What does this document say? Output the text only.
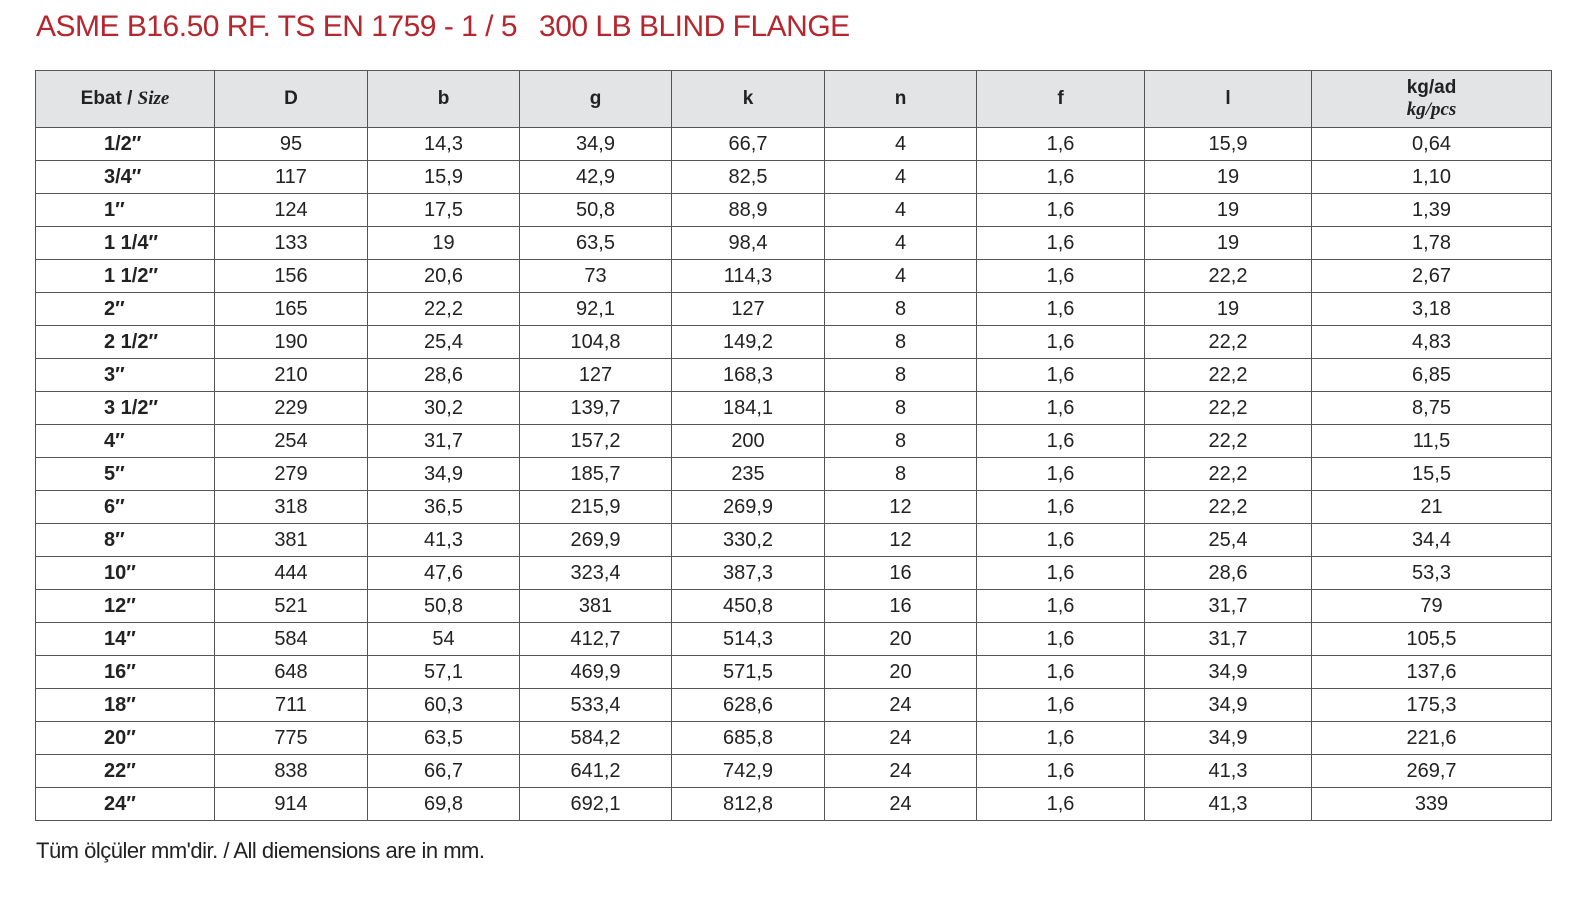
ASME B16.50 RF. TS EN 1759 - 1 / 5 300 LB BLIND FLANGE
Ebat / Size	D	b	g	k	n	f	l	kg/ad
kg/pcs

1/2″	95	14,3	34,9	66,7	4	1,6	15,9	0,64
3/4″	117	15,9	42,9	82,5	4	1,6	19	1,10
1″	124	17,5	50,8	88,9	4	1,6	19	1,39
1 1/4″	133	19	63,5	98,4	4	1,6	19	1,78
1 1/2″	156	20,6	73	114,3	4	1,6	22,2	2,67
2″	165	22,2	92,1	127	8	1,6	19	3,18
2 1/2″	190	25,4	104,8	149,2	8	1,6	22,2	4,83
3″	210	28,6	127	168,3	8	1,6	22,2	6,85
3 1/2″	229	30,2	139,7	184,1	8	1,6	22,2	8,75
4″	254	31,7	157,2	200	8	1,6	22,2	11,5
5″	279	34,9	185,7	235	8	1,6	22,2	15,5
6″	318	36,5	215,9	269,9	12	1,6	22,2	21
8″	381	41,3	269,9	330,2	12	1,6	25,4	34,4
10″	444	47,6	323,4	387,3	16	1,6	28,6	53,3
12″	521	50,8	381	450,8	16	1,6	31,7	79
14″	584	54	412,7	514,3	20	1,6	31,7	105,5
16″	648	57,1	469,9	571,5	20	1,6	34,9	137,6
18″	711	60,3	533,4	628,6	24	1,6	34,9	175,3
20″	775	63,5	584,2	685,8	24	1,6	34,9	221,6
22″	838	66,7	641,2	742,9	24	1,6	41,3	269,7
24″	914	69,8	692,1	812,8	24	1,6	41,3	339
Tüm ölçüler mm'dir. / All diemensions are in mm.
